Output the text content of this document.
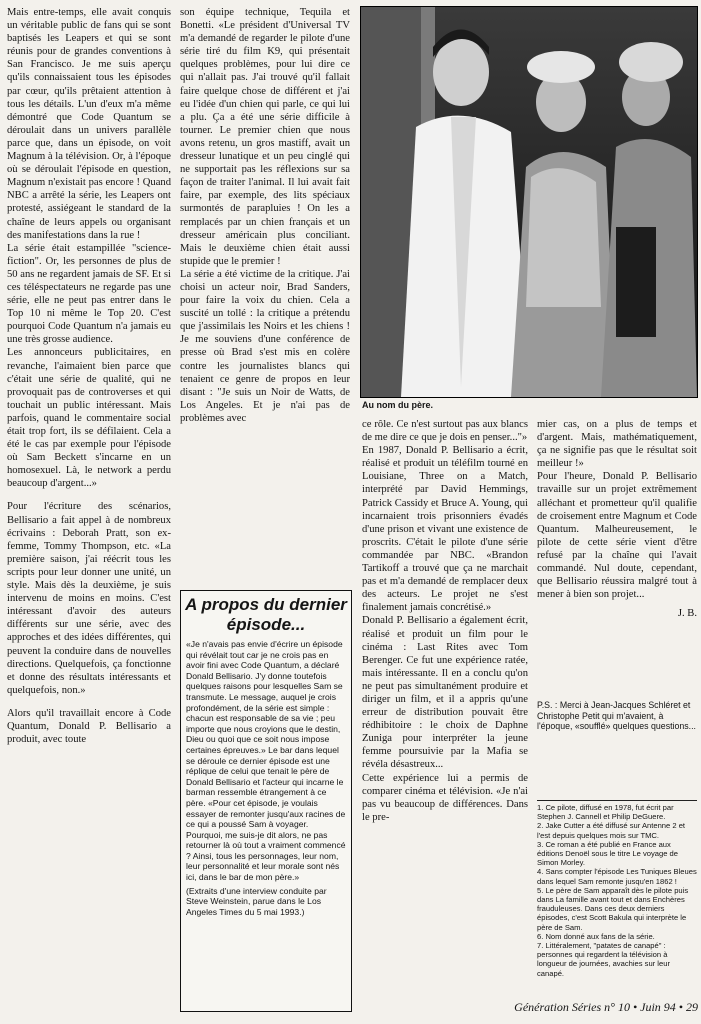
Mais entre-temps, elle avait conquis un véritable public de fans qui se sont baptisés les Leapers et qui se sont réunis pour de grandes conventions à San Francisco. Je me suis aperçu qu'ils connaissaient tous les épisodes par cœur, qu'ils prêtaient attention à tous les détails. L'un d'eux m'a même démontré que Code Quantum se déroulait dans un univers parallèle parce que, dans un épisode, on voit Magnum à la télévision. Or, à l'époque où se déroulait l'épisode en question, Magnum n'existait pas encore ! Quand NBC a arrêté la série, les Leapers ont protesté, assiégeant le standard de la chaîne de leurs appels ou organisant des manifestations dans la rue !

La série était estampillée "science-fiction". Or, les personnes de plus de 50 ans ne regardent jamais de SF. Et si ces téléspectateurs ne regarde pas une série, elle ne peut pas entrer dans le Top 10 ni même le Top 20. C'est pourquoi Code Quantum n'a jamais eu une très grosse audience.

Les annonceurs publicitaires, en revanche, l'aimaient bien parce que c'était une série de qualité, qui ne provoquait pas de controverses et qui touchait un public intéressant. Mais parfois, quand le commentaire social était trop fort, ils se défilaient. Cela a été le cas par exemple pour l'épisode où Sam Beckett s'incarne en un homosexuel. Là, le network a perdu beaucoup d'argent...»

Pour l'écriture des scénarios, Bellisario a fait appel à de nombreux écrivains : Deborah Pratt, son ex-femme, Tommy Thompson, etc. «La première saison, j'ai réécrit tous les scripts pour leur donner une unité, un style. Mais dès la deuxième, je suis intervenu de moins en moins. C'est intéressant d'avoir des auteurs différents sur une série, avec des approches et des idées différentes, qui peuvent la conduire dans de nouvelles directions. Quelquefois, ça fonctionne et donne des résultats intéressants et quelquefois, non.»

Alors qu'il travaillait encore à Code Quantum, Donald P. Bellisario a produit, avec toute

son équipe technique, Tequila et Bonetti. «Le président d'Universal TV m'a demandé de regarder le pilote d'une série tiré du film K9, qui présentait quelques problèmes, pour lui dire ce qui n'allait pas. J'ai trouvé qu'il fallait faire quelque chose de différent et j'ai eu l'idée d'un chien qui parle, ce qui lui a plu. Ça a été une série difficile à tourner. Le premier chien que nous avons retenu, un gros mastiff, avait un dresseur lunatique et un peu cinglé qui ne supportait pas les réflexions sur sa façon de traiter l'animal. Il lui avait fait faire, par exemple, des lits spéciaux surmontés de parapluies ! On les a remplacés par un chien français et un dresseur américain plus conciliant. Mais le deuxième chien était aussi stupide que le premier !

La série a été victime de la critique. J'ai choisi un acteur noir, Brad Sanders, pour faire la voix du chien. Cela a suscité un tollé : la critique a prétendu que j'assimilais les Noirs et les chiens ! Je me souviens d'une conférence de presse où Brad s'est mis en colère contre les journalistes blancs qui tenaient ce genre de propos en leur disant : "Je suis un Noir de Watts, de Los Angeles. Et je n'ai pas de problèmes avec

Au nom du père.

ce rôle. Ce n'est surtout pas aux blancs de me dire ce que je dois en penser..."»

En 1987, Donald P. Bellisario a écrit, réalisé et produit un téléfilm tourné en Louisiane, Three on a Match, interprété par David Hemmings, Patrick Cassidy et Bruce A. Young, qui incarnaient trois prisonniers évadés d'une prison et vivant une existence de proscrits. C'était le pilote d'une série commandée par NBC. «Brandon Tartikoff a trouvé que ça ne marchait pas et m'a demandé de remplacer deux des acteurs. Le projet ne s'est finalement jamais concrétisé.»

Donald P. Bellisario a également écrit, réalisé et produit un film pour le cinéma : Last Rites avec Tom Berenger. Ce fut une expérience ratée, mais intéressante. Il en a conclu qu'on ne peut pas simultanément produire et diriger un film, et il a appris qu'une erreur de distribution pouvait être rédhibitoire : le choix de Daphne Zuniga pour interpréter la jeune femme poursuivie par la Mafia se révéla désastreux...

Cette expérience lui a permis de comparer cinéma et télévision. «Je n'ai pas vu beaucoup de différences. Dans le pre-

mier cas, on a plus de temps et d'argent. Mais, mathématiquement, ça ne signifie pas que le résultat soit meilleur !»

Pour l'heure, Donald P. Bellisario travaille sur un projet extrêmement alléchant et prometteur qu'il qualifie de croisement entre Magnum et Code Quantum. Malheureusement, le pilote de cette série vient d'être refusé par la chaîne qui l'avait commandé. Nul doute, cependant, que Bellisario réussira malgré tout à mener à bien son projet...

J. B.

A propos du dernier épisode...
«Je n'avais pas envie d'écrire un épisode qui révélait tout car je ne crois pas en avoir fini avec Code Quantum, a déclaré Donald Bellisario. J'y donne toutefois quelques raisons pour lesquelles Sam se transmute. Le message, auquel je crois profondément, de la série est simple : chacun est responsable de sa vie ; peu importe que nous croyions que le destin, Dieu ou quoi que ce soit nous impose certaines épreuves.» Le bar dans lequel se déroule ce dernier épisode est une réplique de celui que tenait le père de Donald Bellisario et l'acteur qui incarne le barman ressemble étrangement à ce père. «Pour cet épisode, je voulais essayer de remonter jusqu'aux racines de ce qui a poussé Sam à voyager. Pourquoi, me suis-je dit alors, ne pas retourner là où tout a vraiment commencé ? Ainsi, tous les personnages, leur nom, leur personnalité et leur morale sont nés ici, dans le bar de mon père.»
(Extraits d'une interview conduite par Steve Weinstein, parue dans le Los Angeles Times du 5 mai 1993.)
P.S. : Merci à Jean-Jacques Schléret et Christophe Petit qui m'avaient, à l'époque, «soufflé» quelques questions...
1. Ce pilote, diffusé en 1978, fut écrit par Stephen J. Cannell et Philip DeGuere.
2. Jake Cutter a été diffusé sur Antenne 2 et l'est depuis quelques mois sur TMC.
3. Ce roman a été publié en France aux éditions Denoël sous le titre Le voyage de Simon Morley.
4. Sans compter l'épisode Les Tuniques Bleues dans lequel Sam remonte jusqu'en 1862 !
5. Le père de Sam apparaît dès le pilote puis dans La famille avant tout et dans Enchères frauduleuses. Dans ces deux derniers épisodes, c'est Scott Bakula qui interprète le père de Sam.
6. Nom donné aux fans de la série.
7. Littéralement, "patates de canapé" : personnes qui regardent la télévision à longueur de journées, avachies sur leur canapé.
Génération Séries n° 10 • Juin 94 • 29
